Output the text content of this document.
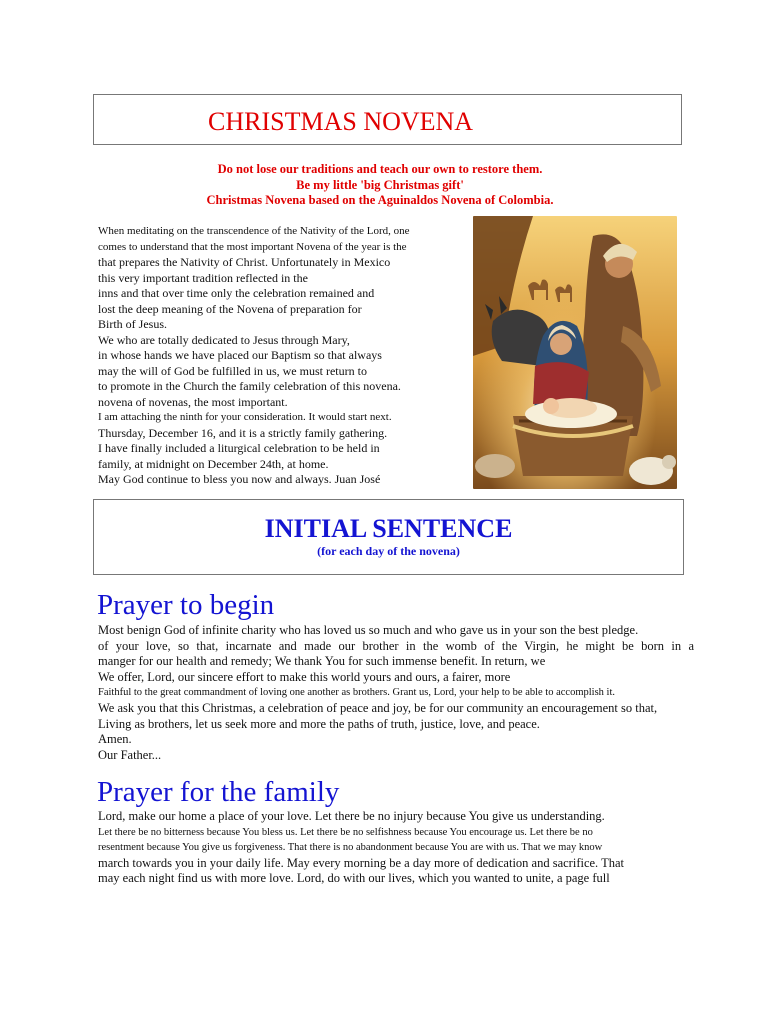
CHRISTMAS NOVENA
Do not lose our traditions and teach our own to restore them.
Be my little 'big Christmas gift'
Christmas Novena based on the Aguinaldos Novena of Colombia.
When meditating on the transcendence of the Nativity of the Lord, one
comes to understand that the most important Novena of the year is the
that prepares the Nativity of Christ. Unfortunately in Mexico
this very important tradition reflected in the
inns and that over time only the celebration remained and
lost the deep meaning of the Novena of preparation for
Birth of Jesus.
We who are totally dedicated to Jesus through Mary,
in whose hands we have placed our Baptism so that always
may the will of God be fulfilled in us, we must return to
to promote in the Church the family celebration of this novena.
novena of novenas, the most important.
I am attaching the ninth for your consideration. It would start next.
Thursday, December 16, and it is a strictly family gathering.
I have finally included a liturgical celebration to be held in
family, at midnight on December 24th, at home.
May God continue to bless you now and always. Juan José
INITIAL SENTENCE
(for each day of the novena)
Prayer to begin
Most benign God of infinite charity who has loved us so much and who gave us in your son the best pledge.
of your love, so that, incarnate and made our brother in the womb of the Virgin, he might be born in a
manger for our health and remedy; We thank You for such immense benefit. In return, we
We offer, Lord, our sincere effort to make this world yours and ours, a fairer, more
Faithful to the great commandment of loving one another as brothers. Grant us, Lord, your help to be able to accomplish it.
We ask you that this Christmas, a celebration of peace and joy, be for our community an encouragement so that,
Living as brothers, let us seek more and more the paths of truth, justice, love, and peace.
Amen.
Our Father...
Prayer for the family
Lord, make our home a place of your love. Let there be no injury because You give us understanding.
Let there be no bitterness because You bless us. Let there be no selfishness because You encourage us. Let there be no
resentment because You give us forgiveness. That there is no abandonment because You are with us. That we may know
march towards you in your daily life. May every morning be a day more of dedication and sacrifice. That
may each night find us with more love. Lord, do with our lives, which you wanted to unite, a page full
